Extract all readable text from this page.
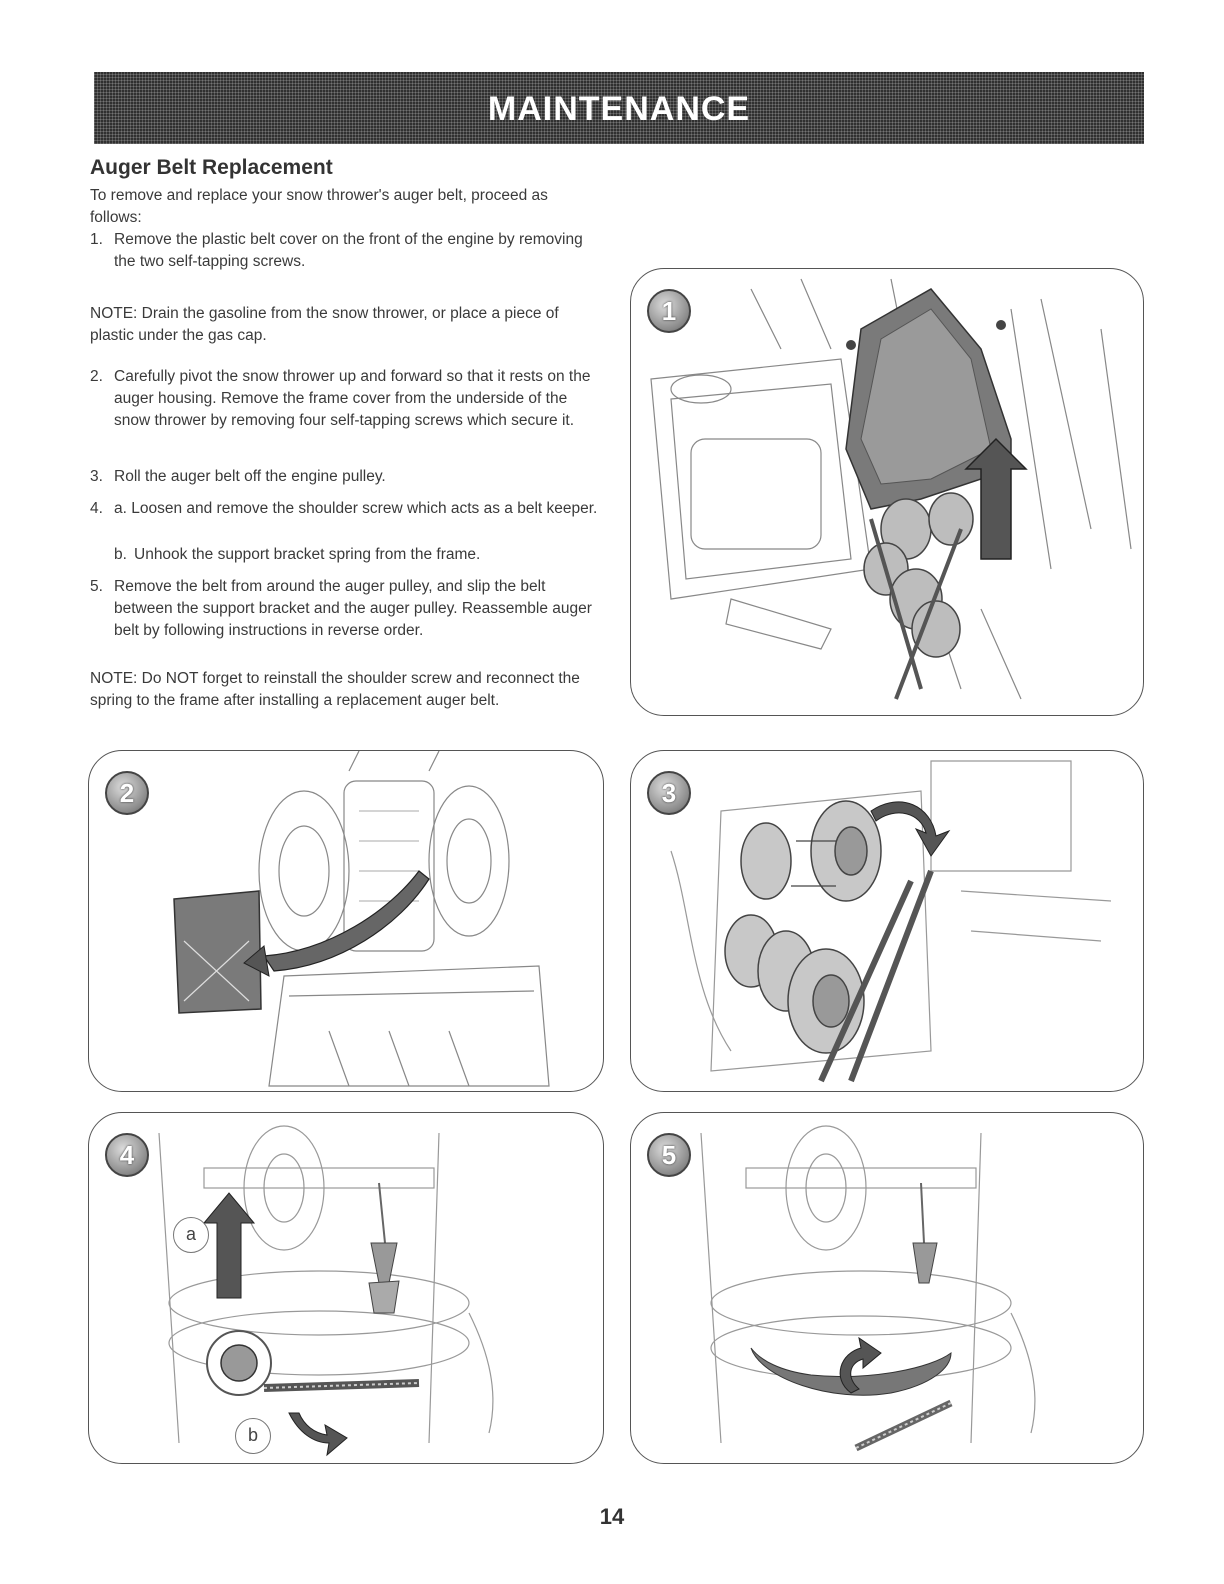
MAINTENANCE
Auger Belt Replacement
To remove and replace your snow thrower's auger belt, proceed as follows:
1. Remove the plastic belt cover on the front of the engine by removing the two self-tapping screws.
NOTE: Drain the gasoline from the snow thrower, or place a piece of plastic under the gas cap.
2. Carefully pivot the snow thrower up and forward so that it rests on the auger housing. Remove the frame cover from the underside of the snow thrower by removing four self-tapping screws which secure it.
3. Roll the auger belt off the engine pulley.
4. a. Loosen and remove the shoulder screw which acts as a belt keeper.
b. Unhook the support bracket spring from the frame.
5. Remove the belt from around the auger pulley, and slip the belt between the support bracket and the auger pulley. Reassemble auger belt by following instructions in reverse order.
NOTE: Do NOT forget to reinstall the shoulder screw and reconnect the spring to the frame after installing a replacement auger belt.
1
2	3
4
a
b
5
14
